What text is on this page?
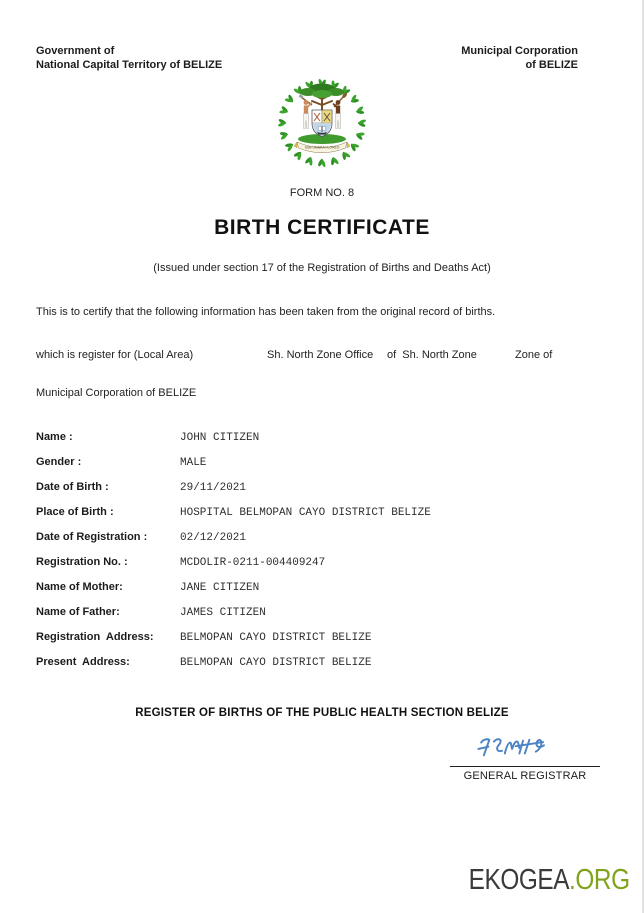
Government of
National Capital Territory of BELIZE
Municipal Corporation
of BELIZE
SUB UMBRA FLOREO
FORM NO. 8
BIRTH CERTIFICATE
(Issued under section 17 of the Registration of Births and Deaths Act)
This is to certify that the following information has been taken from the original record of births.
which is register for (Local Area)	Sh. North Zone Office of  Sh. North Zone	Zone of
Municipal Corporation of BELIZE
Name :	JOHN CITIZEN
Gender :	MALE
Date of Birth :	29/11/2021
Place of Birth :	HOSPITAL BELMOPAN CAYO DISTRICT BELIZE
Date of Registration :	02/12/2021
Registration No. :	MCDOLIR-0211-004409247
Name of Mother:	JANE CITIZEN
Name of Father:	JAMES CITIZEN
Registration  Address: BELMOPAN CAYO DISTRICT BELIZE
Present  Address:	BELMOPAN CAYO DISTRICT BELIZE
REGISTER OF BIRTHS OF THE PUBLIC HEALTH SECTION BELIZE
GENERAL REGISTRAR
EKOGEA.ORG
